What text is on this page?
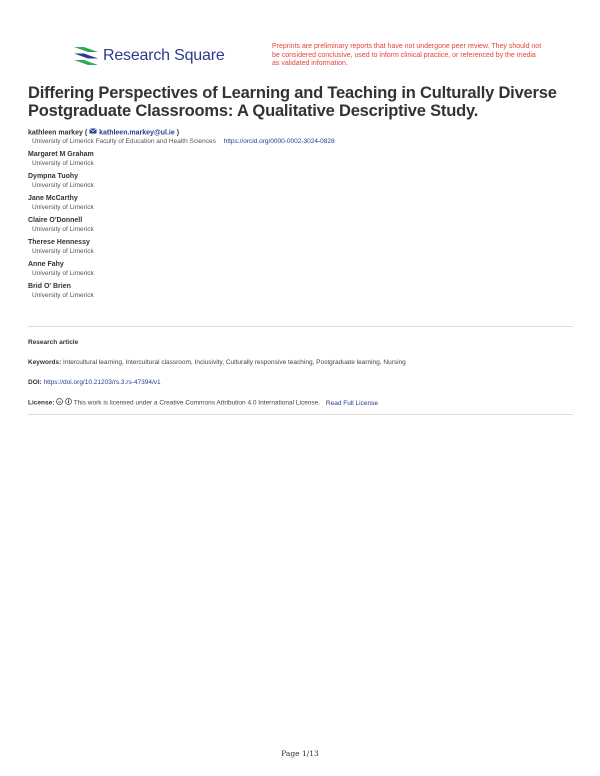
Research Square
Preprints are preliminary reports that have not undergone peer review. They should not be considered conclusive, used to inform clinical practice, or referenced by the media as validated information.
Differing Perspectives of Learning and Teaching in Culturally Diverse Postgraduate Classrooms: A Qualitative Descriptive Study.
kathleen markey ( kathleen.markey@ul.ie )
University of Limerick Faculty of Education and Health Sciences https://orcid.org/0000-0002-3024-0828
Margaret M Graham
University of Limerick
Dympna Tuohy
University of Limerick
Jane McCarthy
University of Limerick
Claire O'Donnell
University of Limerick
Therese Hennessy
University of Limerick
Anne Fahy
University of Limerick
Brid O' Brien
University of Limerick
Research article
Keywords: Intercultural learning, Intercultural classroom, Inclusivity, Culturally responsive teaching, Postgraduate learning, Nursing
DOI: https://doi.org/10.21203/rs.3.rs-47394/v1
License: cc This work is licensed under a Creative Commons Attribution 4.0 International License. Read Full License
Page 1/13
